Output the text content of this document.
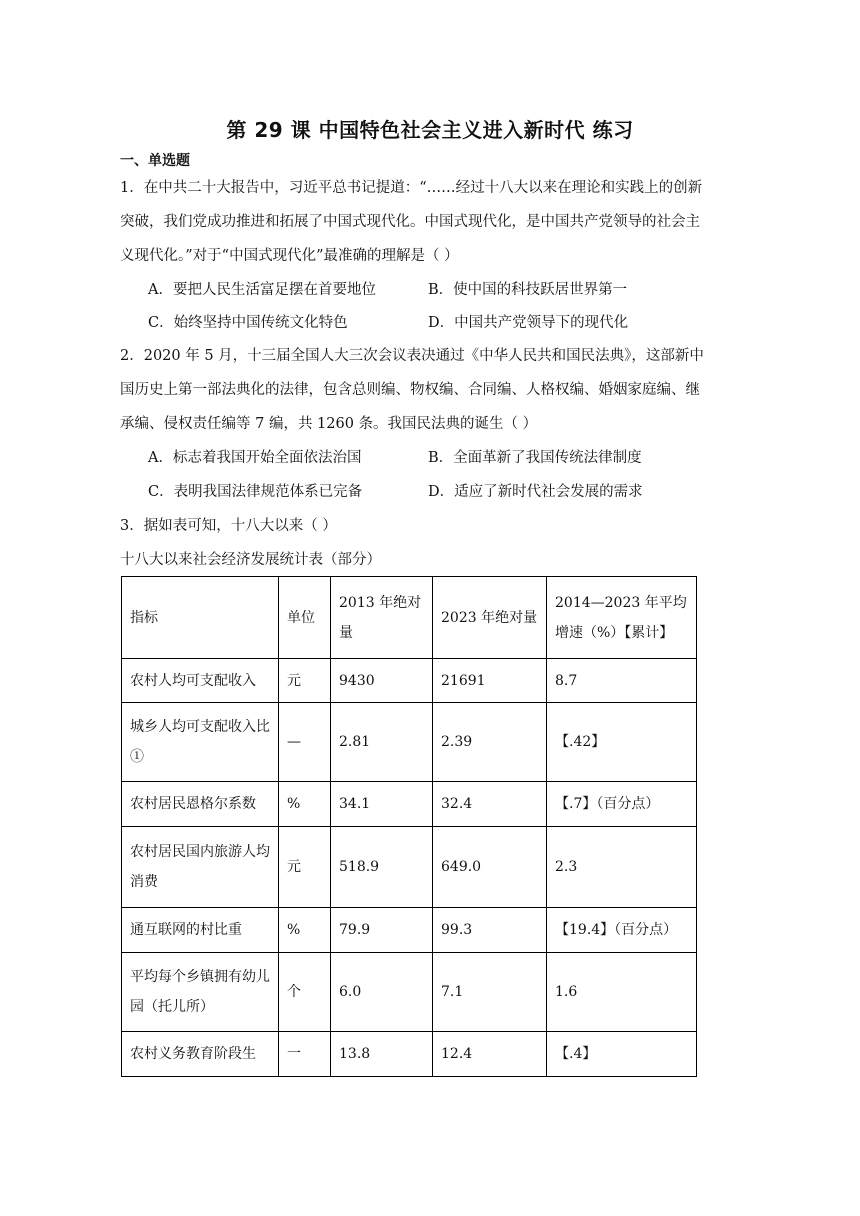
第 29 课 中国特色社会主义进入新时代 练习
一、单选题
1．在中共二十大报告中，习近平总书记提道：“……经过十八大以来在理论和实践上的创新
突破，我们党成功推进和拓展了中国式现代化。中国式现代化，是中国共产党领导的社会主
义现代化。”对于“中国式现代化”最准确的理解是（ ）
A．要把人民生活富足摆在首要地位	B．使中国的科技跃居世界第一
C．始终坚持中国传统文化特色	D．中国共产党领导下的现代化
2．2020 年 5 月，十三届全国人大三次会议表决通过《中华人民共和国民法典》，这部新中
国历史上第一部法典化的法律，包含总则编、物权编、合同编、人格权编、婚姻家庭编、继
承编、侵权责任编等 7 编，共 1260 条。我国民法典的诞生（ ）
A．标志着我国开始全面依法治国	B．全面革新了我国传统法律制度
C．表明我国法律规范体系已完备	D．适应了新时代社会发展的需求
3．据如表可知，十八大以来（ ）
十八大以来社会经济发展统计表（部分）
指标	单位	2013 年绝对量	2023 年绝对量	2014—2023 年平均增速（%）【累计】
农村人均可支配收入	元	9430	21691	8.7
城乡人均可支配收入比①	—	2.81	2.39	【.42】
农村居民恩格尔系数	%	34.1	32.4	【.7】（百分点）
农村居民国内旅游人均消费	元	518.9	649.0	2.3
通互联网的村比重	%	79.9	99.3	【19.4】（百分点）
平均每个乡镇拥有幼儿园（托儿所）	个	6.0	7.1	1.6
农村义务教育阶段生	一	13.8	12.4	【.4】
